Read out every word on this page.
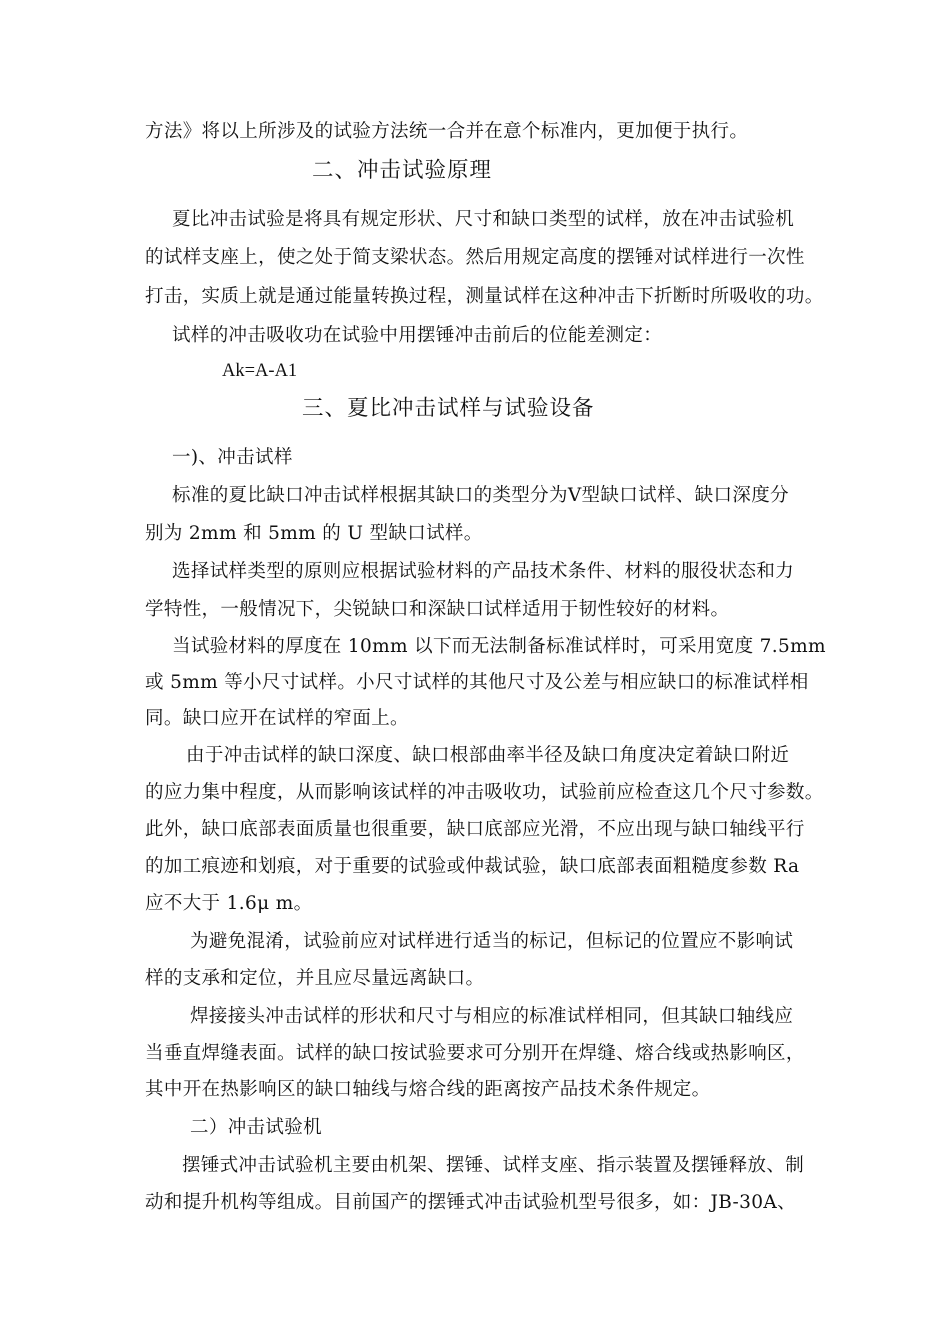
方法》将以上所涉及的试验方法统一合并在意个标准内，更加便于执行。
二、冲击试验原理
夏比冲击试验是将具有规定形状、尺寸和缺口类型的试样，放在冲击试验机
的试样支座上，使之处于简支梁状态。然后用规定高度的摆锤对试样进行一次性
打击，实质上就是通过能量转换过程，测量试样在这种冲击下折断时所吸收的功。
试样的冲击吸收功在试验中用摆锤冲击前后的位能差测定：
Ak=A-A1
三、夏比冲击试样与试验设备
一)、冲击试样
标准的夏比缺口冲击试样根据其缺口的类型分为V型缺口试样、缺口深度分
别为 2mm 和 5mm 的 U 型缺口试样。
选择试样类型的原则应根据试验材料的产品技术条件、材料的服役状态和力
学特性，一般情况下，尖锐缺口和深缺口试样适用于韧性较好的材料。
当试验材料的厚度在 10mm 以下而无法制备标准试样时，可采用宽度 7.5mm
或 5mm 等小尺寸试样。小尺寸试样的其他尺寸及公差与相应缺口的标准试样相
同。缺口应开在试样的窄面上。
由于冲击试样的缺口深度、缺口根部曲率半径及缺口角度决定着缺口附近
的应力集中程度，从而影响该试样的冲击吸收功，试验前应检查这几个尺寸参数。
此外，缺口底部表面质量也很重要，缺口底部应光滑，不应出现与缺口轴线平行
的加工痕迹和划痕，对于重要的试验或仲裁试验，缺口底部表面粗糙度参数 Ra
应不大于 1.6μ m。
为避免混淆，试验前应对试样进行适当的标记，但标记的位置应不影响试
样的支承和定位，并且应尽量远离缺口。
焊接接头冲击试样的形状和尺寸与相应的标准试样相同，但其缺口轴线应
当垂直焊缝表面。试样的缺口按试验要求可分别开在焊缝、熔合线或热影响区，
其中开在热影响区的缺口轴线与熔合线的距离按产品技术条件规定。
二）冲击试验机
摆锤式冲击试验机主要由机架、摆锤、试样支座、指示装置及摆锤释放、制
动和提升机构等组成。目前国产的摆锤式冲击试验机型号很多，如：JB-30A、
